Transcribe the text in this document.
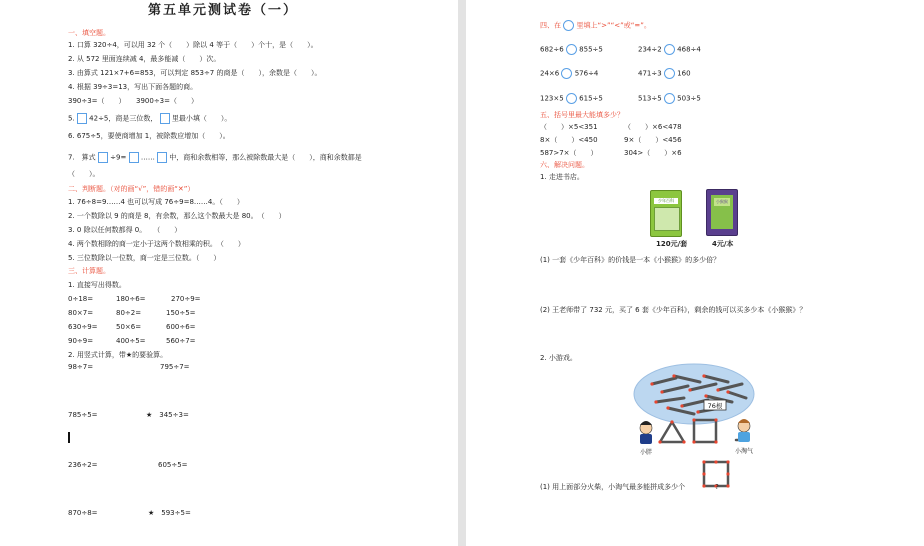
第五单元测试卷（一）
一、填空题。
1. 口算 320÷4，可以用 32 个（　　）除以 4 等于（　　）个十，是（　　）。
2. 从 572 里面连续减 4，最多能减（　　）次。
3. 由算式 121×7+6=853，可以判定 853÷7 的商是（　　），余数是（　　）。
4. 根据 39÷3=13，写出下面各题的商。
390÷3=（　　） 3900÷3=（　　）
5. 42÷5，商是三位数， 里最小填（　　）。
6. 675÷5，要使商增加 1，被除数应增加（　　）。
7.　算式 ÷9= …… 中，商和余数相等，那么被除数最大是（　　），商和余数都是
（　　）。
二、判断题。（对的画“√”，错的画“✕”）
1. 76÷8=9……4 也可以写成 76÷9=8……4。（　　）
2. 一个数除以 9 的商是 8，有余数，那么这个数最大是 80。　（　　）
3. 0 除以任何数都得 0。　　（　　）
4. 两个数相除的商一定小于这两个数相乘的积。　（　　）
5. 三位数除以一位数，商一定是三位数。（　　）
三、计算题。
1. 直接写出得数。
0÷18=	180÷6=	270÷9=
80×7=	80÷2=	150÷5=
630÷9=	50×6=	600÷6=
90÷9=	400÷5=	560÷7=
2. 用竖式计算，带★的要验算。
98÷7=	795÷7=
785÷5=	★　345÷3=
236÷2=	605÷5=
870÷8=	★　593÷5=
四、在 里填上“>”“<”或“=”。
682÷6 855÷5	234÷2 468÷4
24×6 576÷4	471÷3 160
123×5 615÷5	513÷5 503÷5
五、括号里最大能填多少？
（　　）×5<351	（　　）×6<478
8×（　　）<450	9×（　　）<456
587>7×（　　）	304>（　　）×6
六、解决问题。
1. 走进书店。
少年百科	小猴猴
120元/套	4元/本
(1) 一套《少年百科》的价钱是一本《小猴猴》的多少倍？
(2) 王老师带了 732 元，买了 6 套《少年百科》，剩余的钱可以买多少本《小猴猴》？
2. 小游戏。
76根
小胖	小淘气
(1) 用上面部分火柴，小淘气最多能拼成多少个	?
